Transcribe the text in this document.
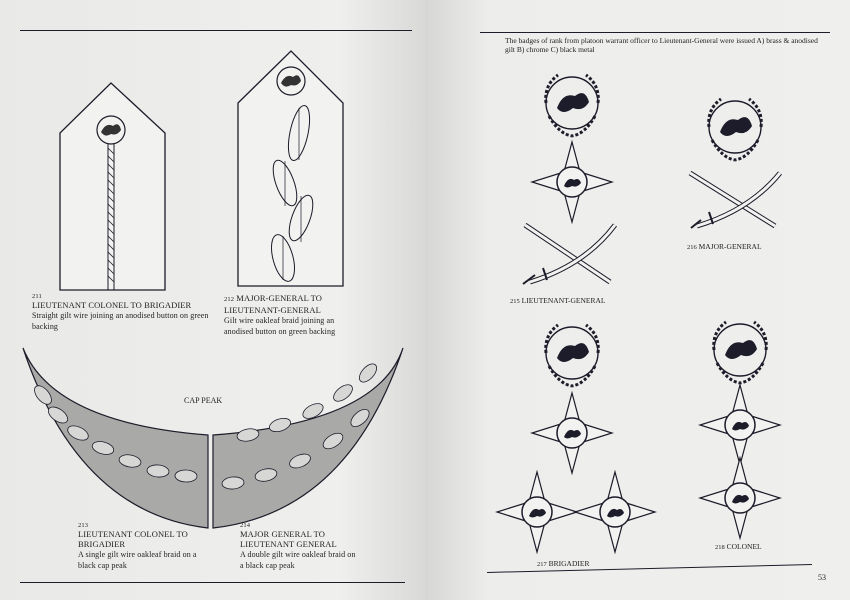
211
LIEUTENANT COLONEL TO BRIGADIER
Straight gilt wire joining an anodised button on green backing
212 MAJOR-GENERAL TO LIEUTENANT-GENERAL
Gilt wire oakleaf braid joining an anodised button on green backing
CAP PEAK
213
LIEUTENANT COLONEL TO BRIGADIER
A single gilt wire oakleaf braid on a black cap peak
214
MAJOR GENERAL TO LIEUTENANT GENERAL
A double gilt wire oakleaf braid on a black cap peak
The badges of rank from platoon warrant officer to Lieutenant-General were issued A) brass & anodised gilt B) chrome C) black metal
215 LIEUTENANT-GENERAL
216 MAJOR-GENERAL
217 BRIGADIER
218 COLONEL
53
